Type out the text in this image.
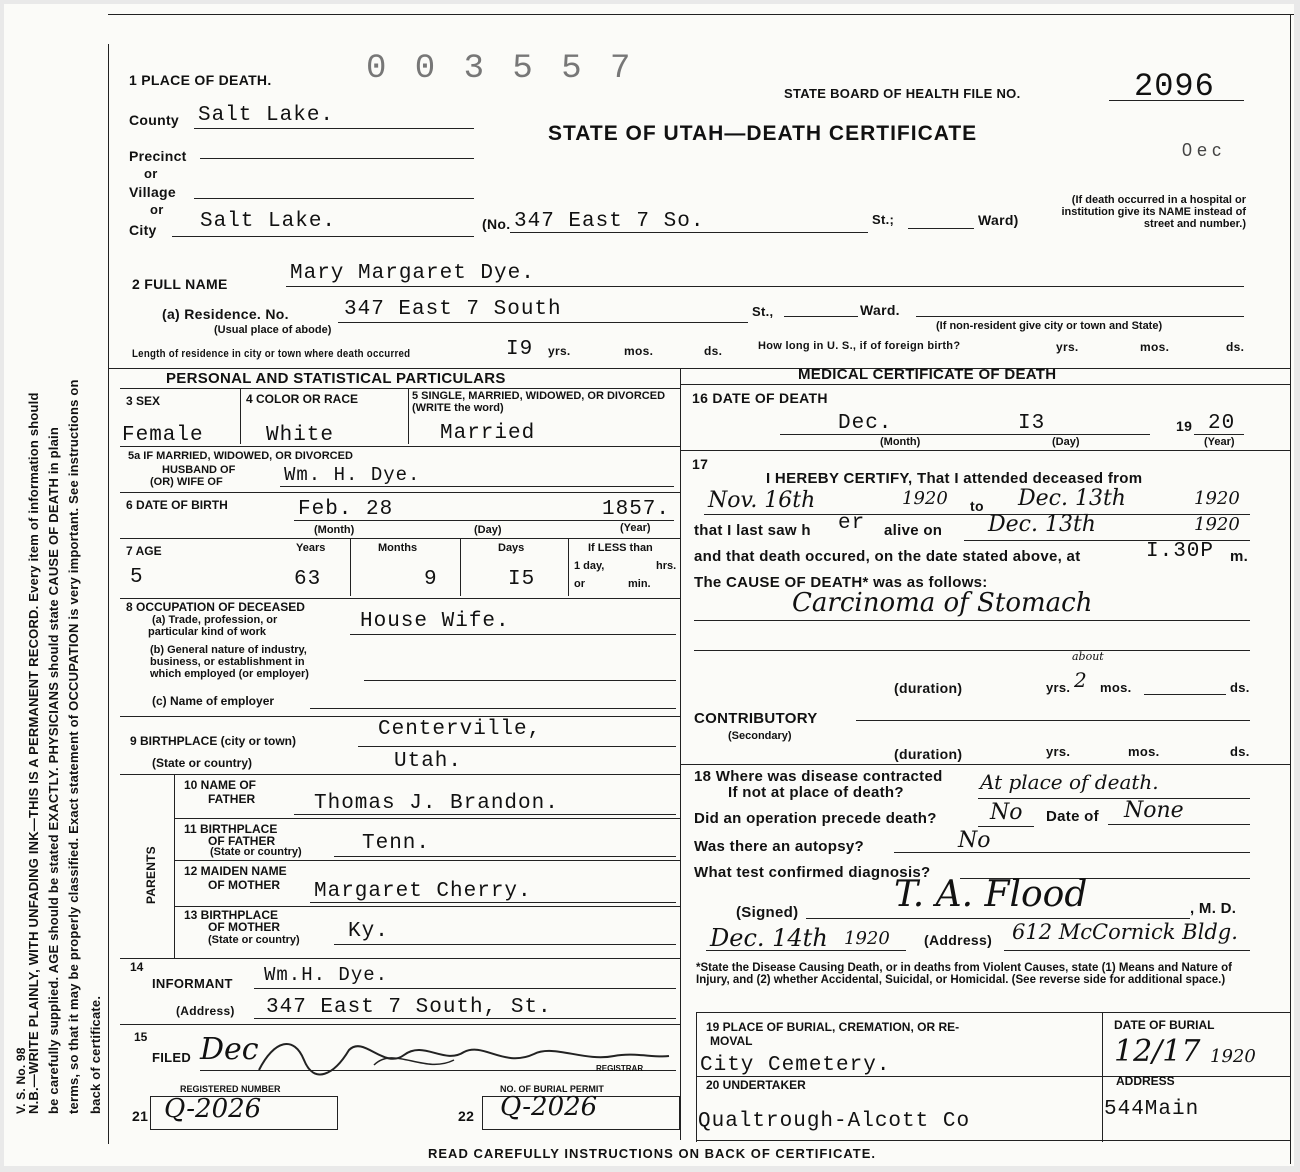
V. S. No. 98
N.B.—WRITE PLAINLY, WITH UNFADING INK—THIS IS A PERMANENT RECORD. Every item of information should be carefully supplied. AGE should be stated EXACTLY. PHYSICIANS should state CAUSE OF DEATH in plain terms, so that it may be properly classified. Exact statement of OCCUPATION is very important. See instructions on back of certificate.
1 PLACE OF DEATH.	0 0 3 5 5 7
STATE BOARD OF HEALTH FILE NO.	2096
STATE OF UTAH—DEATH CERTIFICATE
0 e c
County Salt Lake.
Precinct
or
Village
or
City Salt Lake.	(No. 347 East 7 So.	St.;	Ward)
(If death occurred in a hospital or institution give its NAME instead of street and number.)
2 FULL NAME	Mary Margaret Dye.
(a) Residence. No.
(Usual place of abode)
347 East 7 South	St.,	Ward.
(If non-resident give city or town and State)
Length of residence in city or town where death occurred	I9 yrs.	mos.	ds.	How long in U. S., if of foreign birth?	yrs.	mos.	ds.
PERSONAL AND STATISTICAL PARTICULARS
3 SEX	4 COLOR OR RACE	5 SINGLE, MARRIED, WIDOWED, OR DIVORCED (WRITE the word)
Female	White	Married
5a IF MARRIED, WIDOWED, OR DIVORCED
HUSBAND OF
(OR) WIFE OF	Wm. H. Dye.
6 DATE OF BIRTH	Feb. 28	1857.
(Month)	(Day)	(Year)
7 AGE	Years	Months	Days	If LESS than
1 day,	hrs.
or	min.
5	63	9	I5
8 OCCUPATION OF DECEASED
(a) Trade, profession, or
particular kind of work	House Wife.
(b) General nature of industry,
business, or establishment in
which employed (or employer)
(c) Name of employer
9 BIRTHPLACE (city or town)	Centerville,
(State or country)	Utah.
PARENTS
10 NAME OF
FATHER	Thomas J. Brandon.
11 BIRTHPLACE
OF FATHER
(State or country)	Tenn.
12 MAIDEN NAME
OF MOTHER Margaret Cherry.
13 BIRTHPLACE
OF MOTHER
(State or country) Ky.
14
INFORMANT Wm.H. Dye.
(Address) 347 East 7 South, St.
15
FILED Dec
REGISTRAR
REGISTERED NUMBER	NO. OF BURIAL PERMIT
21 Q-2026	22 Q-2026
MEDICAL CERTIFICATE OF DEATH
16 DATE OF DEATH
Dec.	I3	19 20
(Month)	(Day)	(Year)
17
I HEREBY CERTIFY, That I attended deceased from
Nov. 16th	1920 to Dec. 13th	1920
that I last saw h er alive on Dec. 13th	1920
and that death occured, on the date stated above, at	I.30P m.
The CAUSE OF DEATH* was as follows:
Carcinoma of Stomach
about
(duration)	yrs. 2 mos.	ds.
CONTRIBUTORY
(Secondary)
(duration)	yrs.	mos.	ds.
18 Where was disease contracted
If not at place of death?	At place of death.
Did an operation precede death? No Date of None
Was there an autopsy?	No
What test confirmed diagnosis?
(Signed)	T. A. Flood	, M. D.
Dec. 14th 1920 (Address) 612 McCornick Bldg.
*State the Disease Causing Death, or in deaths from Violent Causes, state (1) Means and Nature of Injury, and (2) whether Accidental, Suicidal, or Homicidal. (See reverse side for additional space.)
19 PLACE OF BURIAL, CREMATION, OR RE-
MOVAL
City Cemetery.
DATE OF BURIAL
12/17 1920
20 UNDERTAKER
Qualtrough-Alcott Co
ADDRESS
544Main
READ CAREFULLY INSTRUCTIONS ON BACK OF CERTIFICATE.
